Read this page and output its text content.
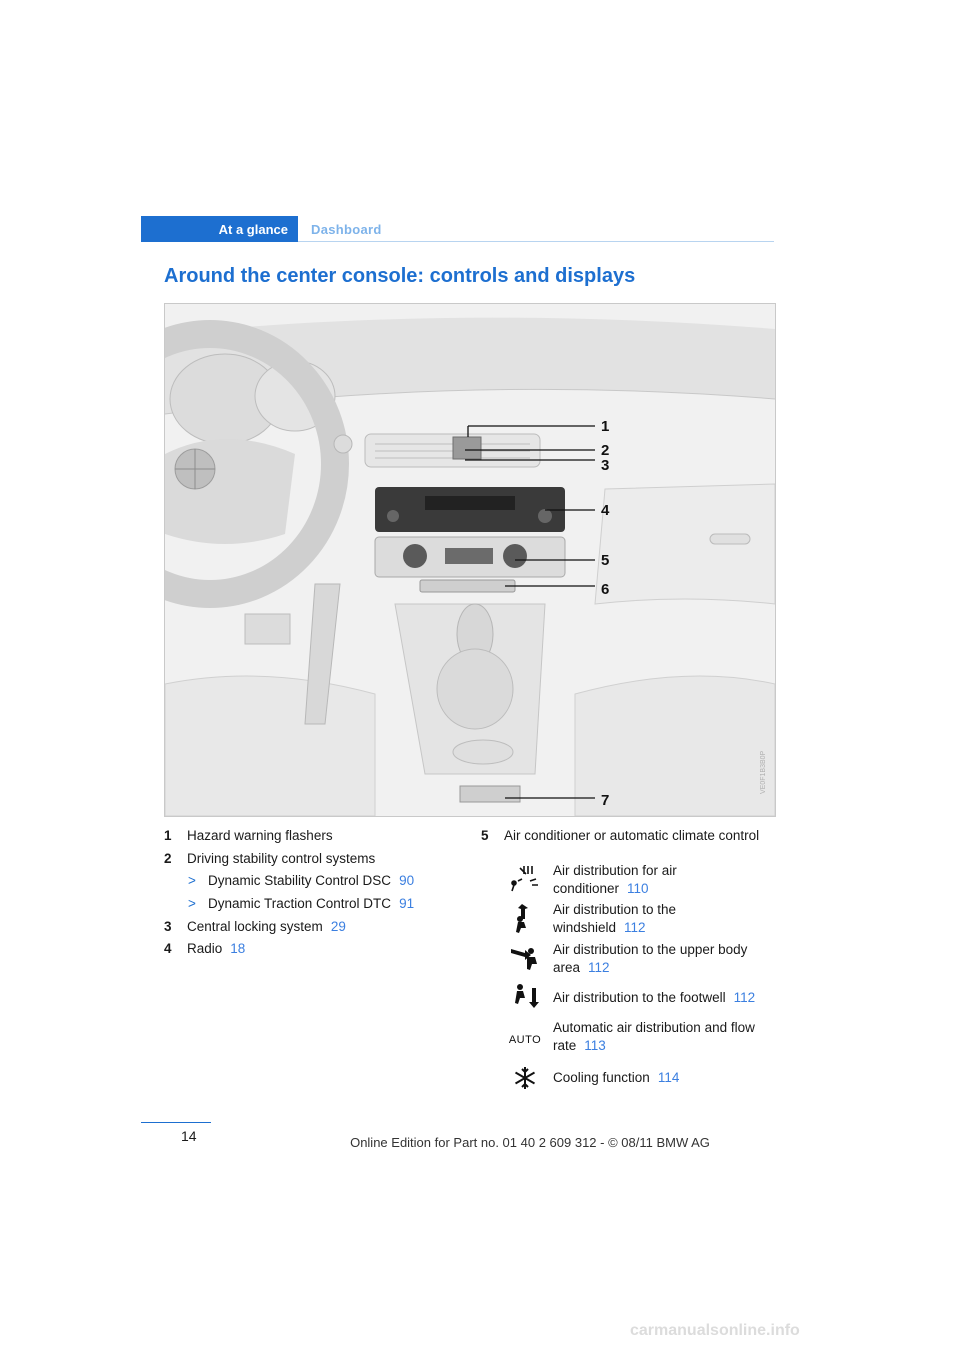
At a glance Dashboard
Around the center console: controls and displays
1
2
3
4
5
6
7
VE0F1B3B0P
1 Hazard warning flashers
2 Driving stability control systems
> Dynamic Stability Control DSC 90
> Dynamic Traction Control DTC 91
3 Central locking system 29
4 Radio 18
5 Air conditioner or automatic climate control
Air distribution for air
conditioner 110
Air distribution to the
windshield 112
Air distribution to the upper body
area 112
Air distribution to the footwell 112
AUTO
Automatic air distribution and flow
rate 113
Cooling function 114
14	Online Edition for Part no. 01 40 2 609 312 - © 08/11 BMW AG
carmanualsonline.info
